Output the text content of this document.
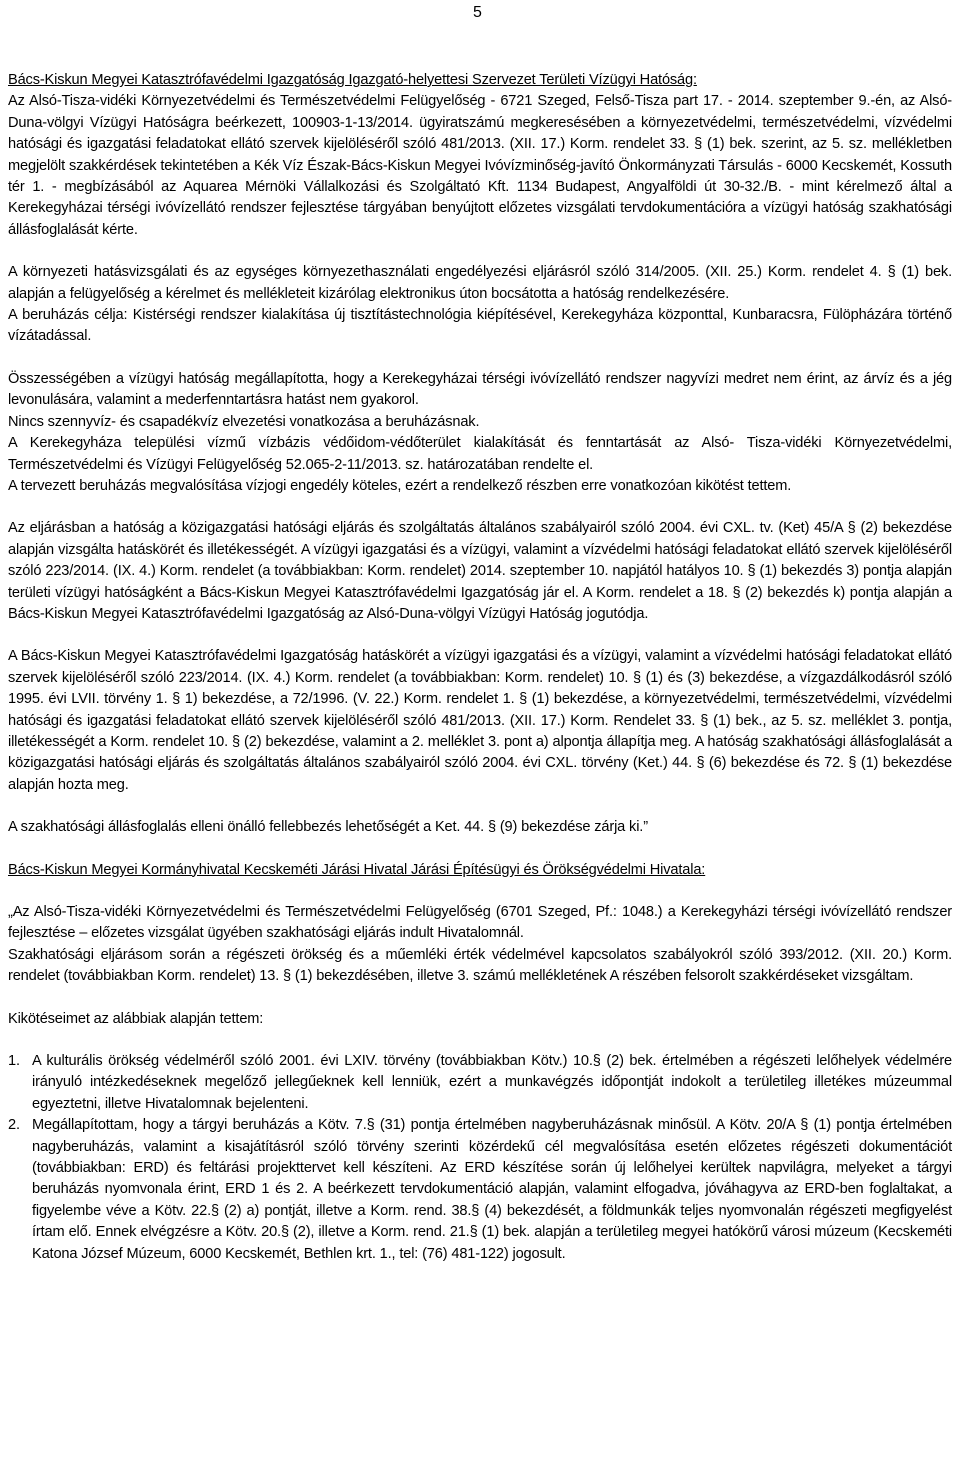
5

Bács-Kiskun Megyei Katasztrófavédelmi Igazgatóság Igazgató-helyettesi Szervezet Területi Vízügyi Hatóság:

Az Alsó-Tisza-vidéki Környezetvédelmi és Természetvédelmi Felügyelőség - 6721 Szeged, Felső-Tisza part 17. - 2014. szeptember 9.-én, az Alsó-Duna-völgyi Vízügyi Hatóságra beérkezett, 100903-1-13/2014. ügyiratszámú megkeresésében a környezetvédelmi, természetvédelmi, vízvédelmi hatósági és igazgatási feladatokat ellátó szervek kijelöléséről szóló 481/2013. (XII. 17.) Korm. rendelet 33. § (1) bek. szerint, az 5. sz. mellékletben megjelölt szakkérdések tekintetében a Kék Víz Észak-Bács-Kiskun Megyei Ivóvízminőség-javító Önkormányzati Társulás - 6000 Kecskemét, Kossuth tér 1. - megbízásából az Aquarea Mérnöki Vállalkozási és Szolgáltató Kft. 1134 Budapest, Angyalföldi út 30-32./B. - mint kérelmező által a Kerekegyházai térségi ivóvízellátó rendszer fejlesztése tárgyában benyújtott előzetes vizsgálati tervdokumentációra a vízügyi hatóság szakhatósági állásfoglalását kérte.

A környezeti hatásvizsgálati és az egységes környezethasználati engedélyezési eljárásról szóló 314/2005. (XII. 25.) Korm. rendelet 4. § (1) bek. alapján a felügyelőség a kérelmet és mellékleteit kizárólag elektronikus úton bocsátotta a hatóság rendelkezésére.

A beruházás célja: Kistérségi rendszer kialakítása új tisztítástechnológia kiépítésével, Kerekegyháza központtal, Kunbaracsra, Fülöpházára történő vízátadással.

Összességében a vízügyi hatóság megállapította, hogy a Kerekegyházai térségi ivóvízellátó rendszer nagyvízi medret nem érint, az árvíz és a jég levonulására, valamint a mederfenntartásra hatást nem gyakorol.

Nincs szennyvíz- és csapadékvíz elvezetési vonatkozása a beruházásnak.

A Kerekegyháza települési vízmű vízbázis védőidom-védőterület kialakítását és fenntartását az Alsó- Tisza-vidéki Környezetvédelmi, Természetvédelmi és Vízügyi Felügyelőség 52.065-2-11/2013. sz. határozatában rendelte el.

A tervezett beruházás megvalósítása vízjogi engedély köteles, ezért a rendelkező részben erre vonatkozóan kikötést tettem.

Az eljárásban a hatóság a közigazgatási hatósági eljárás és szolgáltatás általános szabályairól szóló 2004. évi CXL. tv. (Ket) 45/A § (2) bekezdése alapján vizsgálta hatáskörét és illetékességét. A vízügyi igazgatási és a vízügyi, valamint a vízvédelmi hatósági feladatokat ellátó szervek kijelöléséről szóló 223/2014. (IX. 4.) Korm. rendelet (a továbbiakban: Korm. rendelet) 2014. szeptember 10. napjától hatályos 10. § (1) bekezdés 3) pontja alapján területi vízügyi hatóságként a Bács-Kiskun Megyei Katasztrófavédelmi Igazgatóság jár el. A Korm. rendelet a 18. § (2) bekezdés k) pontja alapján a Bács-Kiskun Megyei Katasztrófavédelmi Igazgatóság az Alsó-Duna-völgyi Vízügyi Hatóság jogutódja.

A Bács-Kiskun Megyei Katasztrófavédelmi Igazgatóság hatáskörét a vízügyi igazgatási és a vízügyi, valamint a vízvédelmi hatósági feladatokat ellátó szervek kijelöléséről szóló 223/2014. (IX. 4.) Korm. rendelet (a továbbiakban: Korm. rendelet) 10. § (1) és (3) bekezdése, a vízgazdálkodásról szóló 1995. évi LVII. törvény 1. § 1) bekezdése, a 72/1996. (V. 22.) Korm. rendelet 1. § (1) bekezdése, a környezetvédelmi, természetvédelmi, vízvédelmi hatósági és igazgatási feladatokat ellátó szervek kijelöléséről szóló 481/2013. (XII. 17.) Korm. Rendelet 33. § (1) bek., az 5. sz. melléklet 3. pontja, illetékességét a Korm. rendelet 10. § (2) bekezdése, valamint a 2. melléklet 3. pont a) alpontja állapítja meg. A hatóság szakhatósági állásfoglalását a közigazgatási hatósági eljárás és szolgáltatás általános szabályairól szóló 2004. évi CXL. törvény (Ket.) 44. § (6) bekezdése és 72. § (1) bekezdése alapján hozta meg.

A szakhatósági állásfoglalás elleni önálló fellebbezés lehetőségét a Ket. 44. § (9) bekezdése zárja ki.”

Bács-Kiskun Megyei Kormányhivatal Kecskeméti Járási Hivatal Járási Építésügyi és Örökségvédelmi Hivatala:

„Az Alsó-Tisza-vidéki Környezetvédelmi és Természetvédelmi Felügyelőség (6701 Szeged, Pf.: 1048.) a Kerekegyházi térségi ivóvízellátó rendszer fejlesztése – előzetes vizsgálat ügyében szakhatósági eljárás indult Hivatalomnál.

Szakhatósági eljárásom során a régészeti örökség és a műemléki érték védelmével kapcsolatos szabályokról szóló 393/2012. (XII. 20.) Korm. rendelet (továbbiakban Korm. rendelet) 13. § (1) bekezdésében, illetve 3. számú mellékletének A részében felsorolt szakkérdéseket vizsgáltam.

Kikötéseimet az alábbiak alapján tettem:

1. A kulturális örökség védelméről szóló 2001. évi LXIV. törvény (továbbiakban Kötv.) 10.§ (2) bek. értelmében a régészeti lelőhelyek védelmére irányuló intézkedéseknek megelőző jellegűeknek kell lenniük, ezért a munkavégzés időpontját indokolt a területileg illetékes múzeummal egyeztetni, illetve Hivatalomnak bejelenteni.
2. Megállapítottam, hogy a tárgyi beruházás a Kötv. 7.§ (31) pontja értelmében nagyberuházásnak minősül. A Kötv. 20/A § (1) pontja értelmében nagyberuházás, valamint a kisajátításról szóló törvény szerinti közérdekű cél megvalósítása esetén előzetes régészeti dokumentációt (továbbiakban: ERD) és feltárási projekttervet kell készíteni. Az ERD készítése során új lelőhelyei kerültek napvilágra, melyeket a tárgyi beruházás nyomvonala érint, ERD 1 és 2. A beérkezett tervdokumentáció alapján, valamint elfogadva, jóváhagyva az ERD-ben foglaltakat, a figyelembe véve a Kötv. 22.§ (2) a) pontját, illetve a Korm. rend. 38.§ (4) bekezdését, a földmunkák teljes nyomvonalán régészeti megfigyelést írtam elő. Ennek elvégzésre a Kötv. 20.§ (2), illetve a Korm. rend. 21.§ (1) bek. alapján a területileg megyei hatókörű városi múzeum (Kecskeméti Katona József Múzeum, 6000 Kecskemét, Bethlen krt. 1., tel: (76) 481-122) jogosult.
